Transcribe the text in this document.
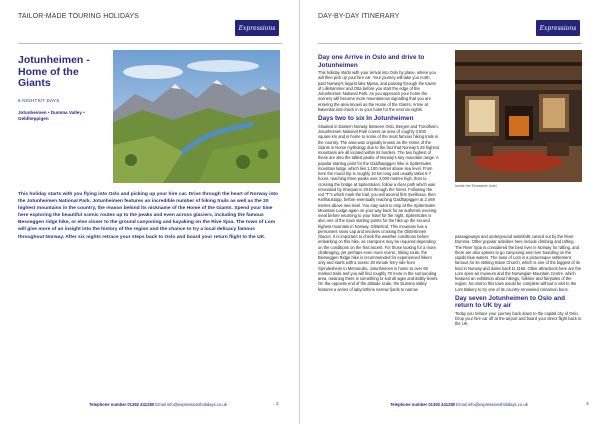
TAILOR-MADE TOURING HOLIDAYS
Expressions
Jotunheimen - Home of the Giants
6 NIGHTS/7 DAYS
Jotunheimen • Dumma Valley • Geldheppigen
This holiday starts with you flying into Oslo and picking up your hire car. Drive through the heart of Norway into the Jotunheimen National Park. Jotunheimen features an incredible number of hiking trails as well as the 20 highest mountains in the country, the reason behind its nickname of the Home of the Giants. Spend your time here exploring the beautiful scenic routes up to the peaks and even across glaciers, including the famous Besseggen ridge hike, or else closer to the ground canyoning and kayaking on the Rive Sjoa. The town of Lom will give more of an insight into the history of the region and the chance to try a local delicacy famous throughout Norway. After six nights retrace your steps back to Oslo and board your return flight to the UK.
Telephone number 01392 441280 Email info@expressionsholidays.co.uk	2
DAY-BY-DAY ITINERARY
Expressions
Day one Arrive in Oslo and drive to Jotunheimen
This holiday starts with your arrival into Oslo by plane, where you will then pick up your hire car. Your journey will take you north, past Norway's largest lake Mjøsa, and passing through the towns of Lillehammer and Otta before you start the edge of the Jotunheimen National Park. As you approach your home the scenery will become more mountainous signalling that you are entering the area known as the Home of the Giants. Arrive at Bøverdal and check in to your hotel for the next six nights.
Days two to six In Jotunheimen
Situated in Eastern Norway between Oslo, Bergen and Trondheim, Jotunheimen National Park covers an area of roughly 3,500 square km and is home to some of the most famous hiking trails in the country. The area was originally known as the Home of the Giants in Norse mythology due to the fact that Norway's 29 highest mountains are all located within its borders. The two highest of these are also the tallest peaks of Norway's key mountain range. A popular starting point for the Galdhøpiggen hike is Spiterstulen mountain lodge, which lies 1,100 metres above sea level. From here the round trip is roughly 10 km long and usually takes 6-7 hours, reaching three peaks over 2,000 metres high, then to crossing the bridge at Spiterstulen, follow a clear path which was renovated by Sherpas in 2010 through the forest. Following the red "T"s which mark the trail, you will ascend first Svellnosa, then Keilhaustopp, before eventually reaching Galdhøpiggen at 2,469 metres above sea level. You may want to stop at the Spiterstulen Mountain Lodge again on your way back for an authentic evening meal before returning to your hotel for the night. Spiterstulen is also one of the main starting points for the hike up the second highest mountain in Norway, Glittertind. This mountain has a permanent snow cap and involves crossing the Glittertinnen Glacier. It is important to check the weather conditions before embarking on this hike, as crampons may be required depending on the conditions on the first ascent. For those looking for a more challenging, yet perhaps even more scenic, hiking route, the Besseggen Ridge hike is recommended for experienced hikers only and starts with a scenic 20 minute ferry ride from Gjendesheim to Memurubu. Jotunheimen is home to over 60 marked trails and you will find roughly 70 more in the surrounding area, meaning there is something to suit all ages and ability levels. On the opposite end of the altitude scale, the Dumma Valley features a series of labyrinthine narrow fjords to narrow
Inside the Elvesæter hotel
passageways and underground waterfalls carved out by the River Dumma. Other popular activities here include climbing and rafting. The River Sjoa is considered the best river in Norway for rafting, and there are also options to go canyoning and river boarding on the rapids blue waters. The town of Lom is a picturesque settlement famous for its striking Stave Church, which is one of the biggest of its kind in Norway and dates back to 1160. Other attractions here are the Lom open-air museum and the Norwegian Mountain Centre, which features an exhibition about hikings, folklore and fairytales of the region. No visit to this town would be complete without a visit to the Lom Bakery to try one of its country-renowned cinnamon buns.
Day seven Jotunheimen to Oslo and return to UK by air
Today you retrace your journey back down to the capital city of Oslo. Drop your hire car off at the airport and board your direct flight back to the UK.
Telephone number 01392 441280 Email info@expressionsholidays.co.uk	3
